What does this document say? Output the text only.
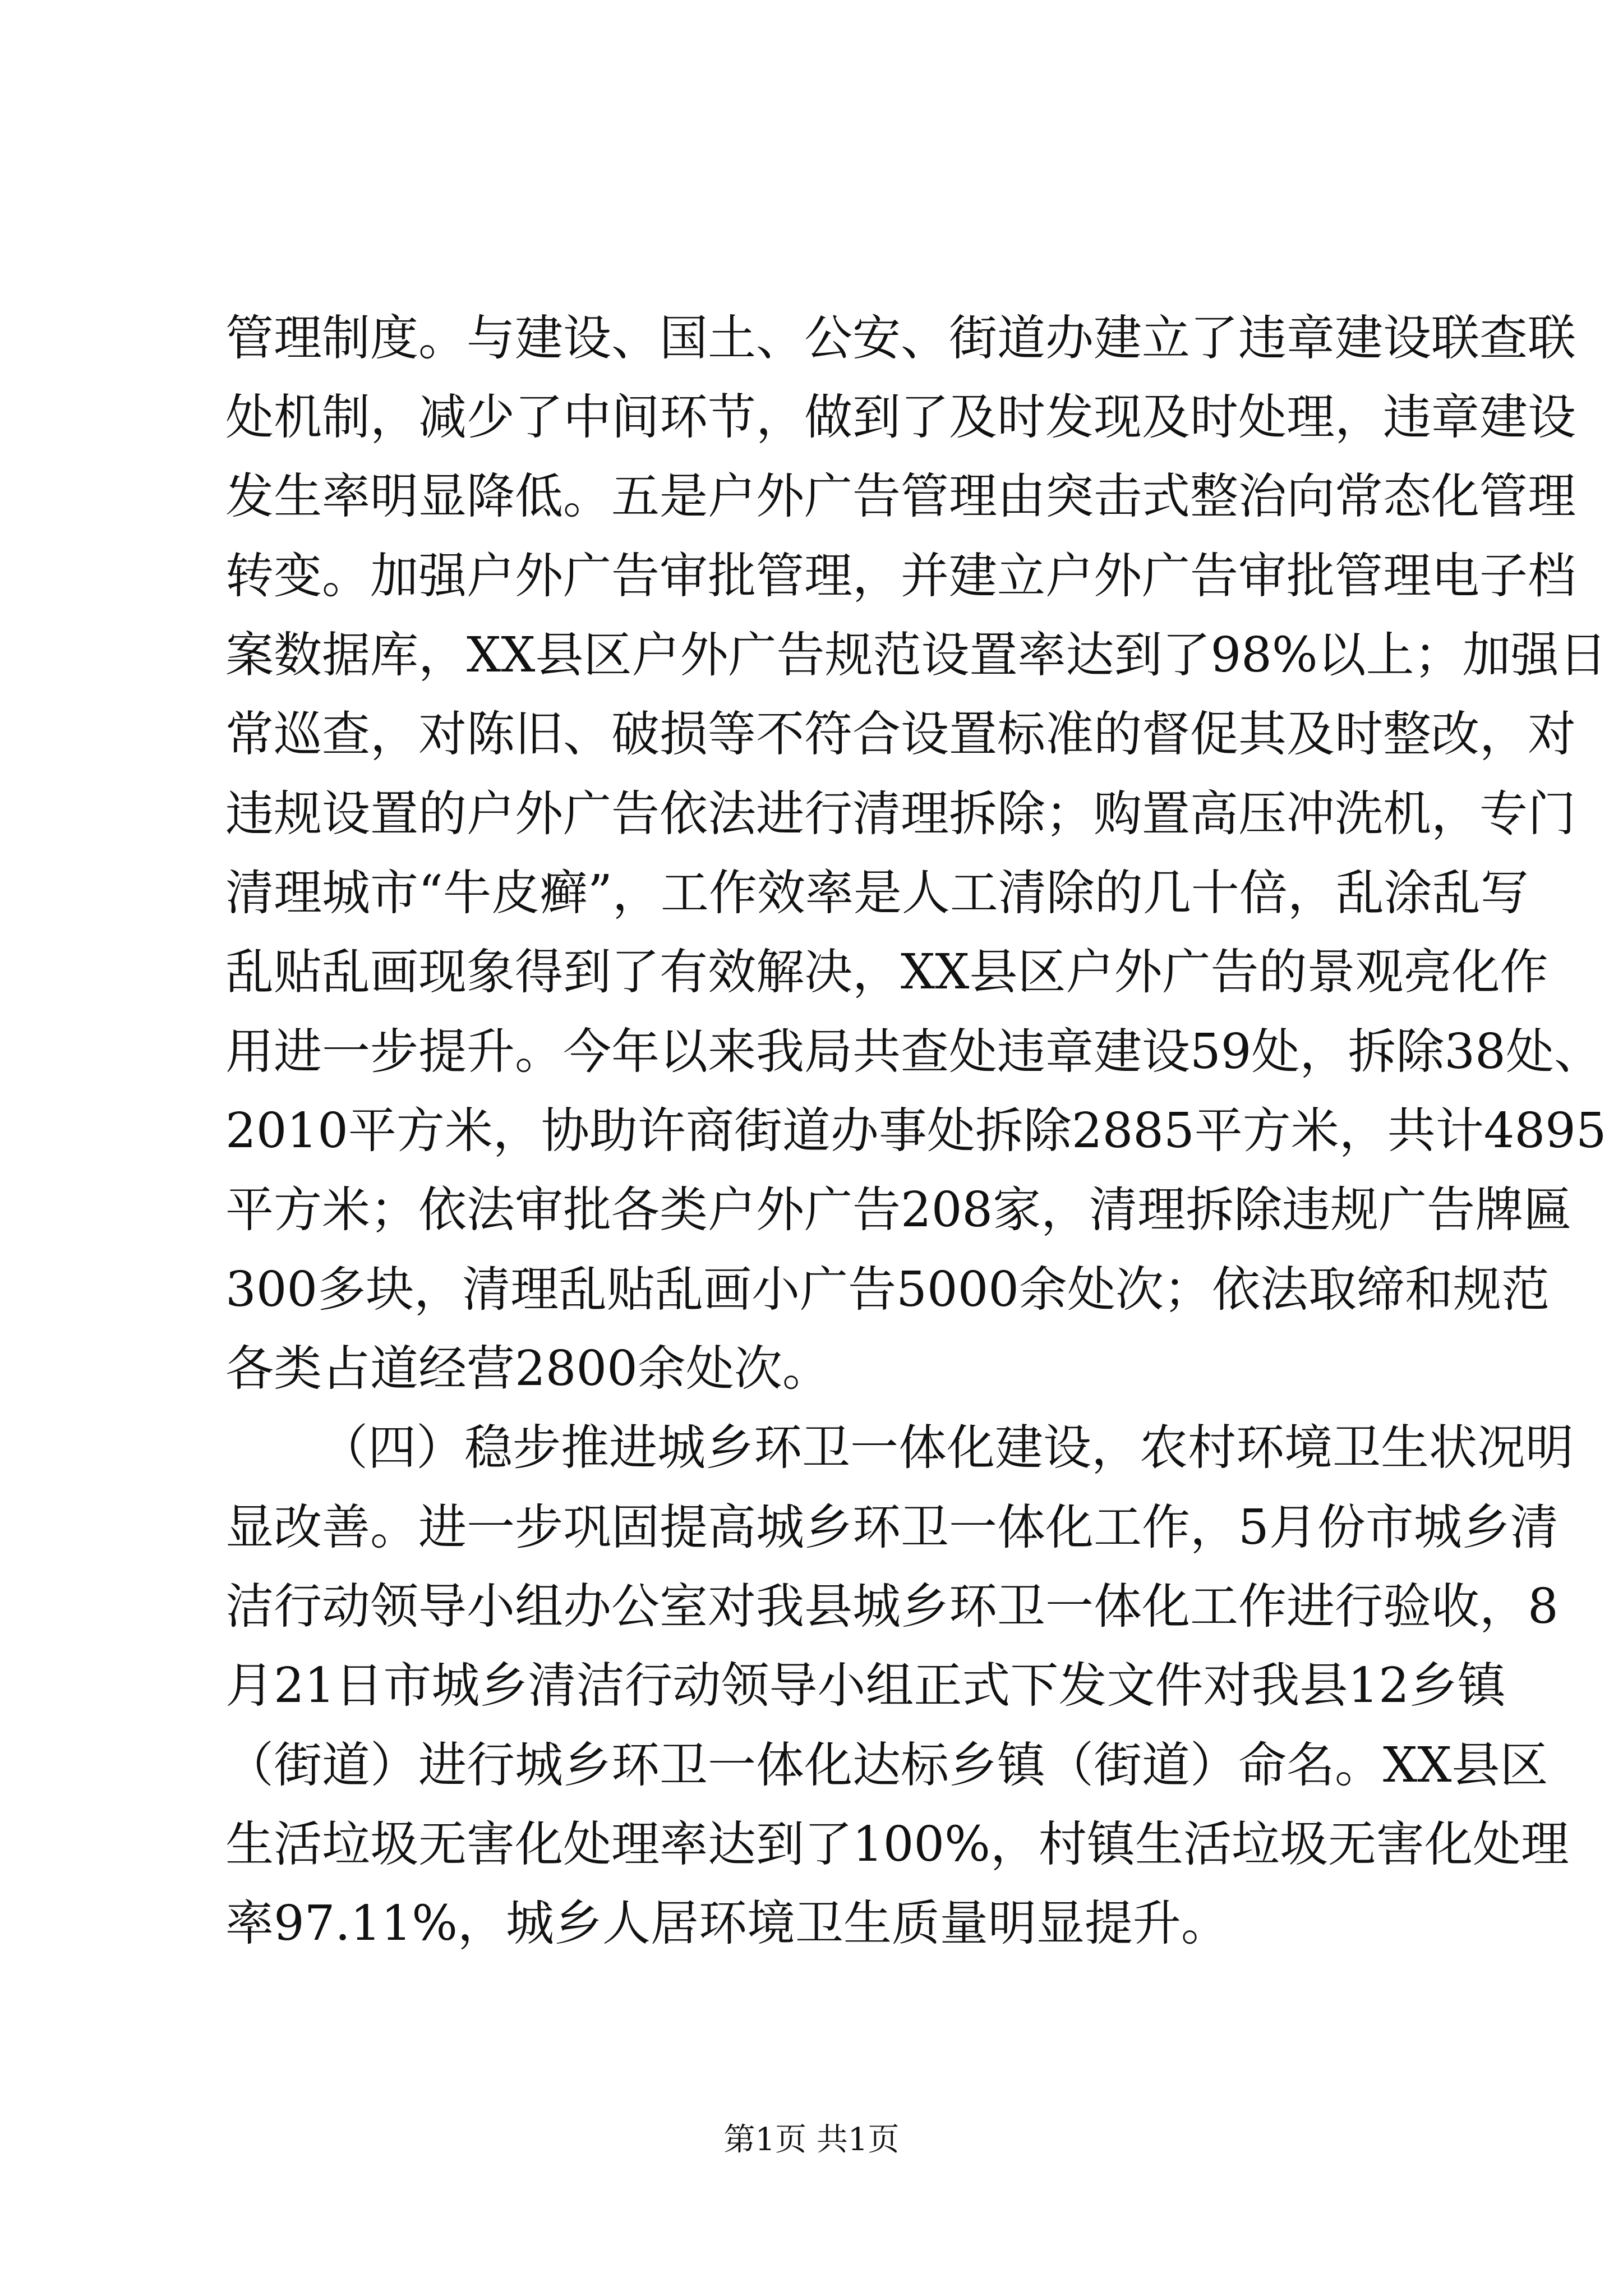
管理制度。与建设、国土、公安、街道办建立了违章建设联查联
处机制，减少了中间环节，做到了及时发现及时处理，违章建设
发生率明显降低。五是户外广告管理由突击式整治向常态化管理
转变。加强户外广告审批管理，并建立户外广告审批管理电子档
案数据库，XX县区户外广告规范设置率达到了98%以上；加强日
常巡查，对陈旧、破损等不符合设置标准的督促其及时整改，对
违规设置的户外广告依法进行清理拆除；购置高压冲洗机，专门
清理城市“牛皮癣”，工作效率是人工清除的几十倍，乱涂乱写
乱贴乱画现象得到了有效解决，XX县区户外广告的景观亮化作
用进一步提升。今年以来我局共查处违章建设59处，拆除38处、
2010平方米，协助许商街道办事处拆除2885平方米，共计4895
平方米；依法审批各类户外广告208家，清理拆除违规广告牌匾
300多块，清理乱贴乱画小广告5000余处次；依法取缔和规范
各类占道经营2800余处次。
（四）稳步推进城乡环卫一体化建设，农村环境卫生状况明
显改善。进一步巩固提高城乡环卫一体化工作，5月份市城乡清
洁行动领导小组办公室对我县城乡环卫一体化工作进行验收，8
月21日市城乡清洁行动领导小组正式下发文件对我县12乡镇
（街道）进行城乡环卫一体化达标乡镇（街道）命名。XX县区
生活垃圾无害化处理率达到了100%，村镇生活垃圾无害化处理
率97.11%，城乡人居环境卫生质量明显提升。
第1页 共1页
